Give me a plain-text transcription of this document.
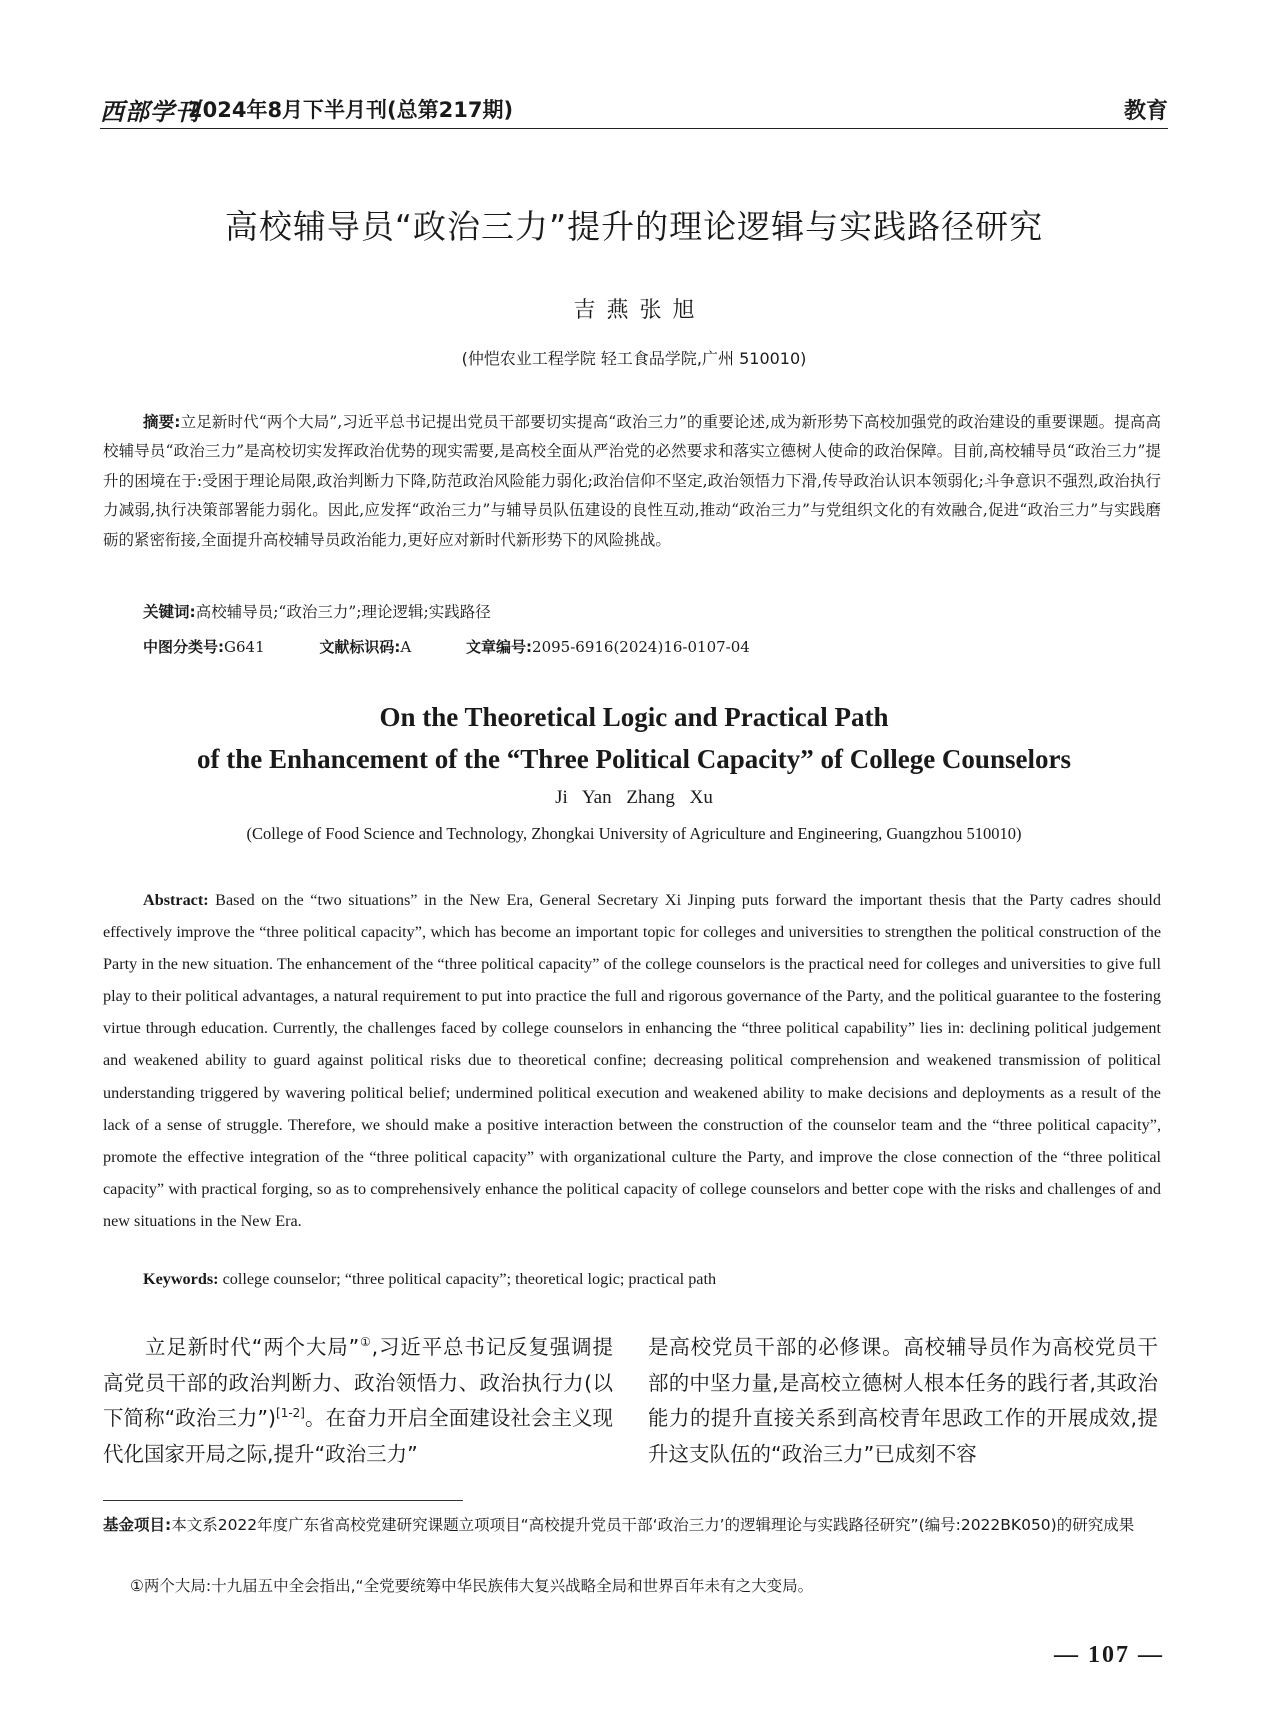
西部学刊
2024年8月下半月刊(总第217期)	教育
高校辅导员“政治三力”提升的理论逻辑与实践路径研究
吉 燕 张 旭
(仲恺农业工程学院 轻工食品学院,广州 510010)
摘要:立足新时代“两个大局”,习近平总书记提出党员干部要切实提高“政治三力”的重要论述,成为新形势下高校加强党的政治建设的重要课题。提高高校辅导员“政治三力”是高校切实发挥政治优势的现实需要,是高校全面从严治党的必然要求和落实立德树人使命的政治保障。目前,高校辅导员“政治三力”提升的困境在于:受困于理论局限,政治判断力下降,防范政治风险能力弱化;政治信仰不坚定,政治领悟力下滑,传导政治认识本领弱化;斗争意识不强烈,政治执行力减弱,执行决策部署能力弱化。因此,应发挥“政治三力”与辅导员队伍建设的良性互动,推动“政治三力”与党组织文化的有效融合,促进“政治三力”与实践磨砺的紧密衔接,全面提升高校辅导员政治能力,更好应对新时代新形势下的风险挑战。
关键词:高校辅导员;“政治三力”;理论逻辑;实践路径
中图分类号:G641	文献标识码:A	文章编号:2095-6916(2024)16-0107-04
On the Theoretical Logic and Practical Path
of the Enhancement of the “Three Political Capacity” of College Counselors
Ji Yan Zhang Xu
(College of Food Science and Technology, Zhongkai University of Agriculture and Engineering, Guangzhou 510010)
Abstract: Based on the “two situations” in the New Era, General Secretary Xi Jinping puts forward the important thesis that the Party cadres should effectively improve the “three political capacity”, which has become an important topic for colleges and universities to strengthen the political construction of the Party in the new situation. The enhancement of the “three political capacity” of the college counselors is the practical need for colleges and universities to give full play to their political advantages, a natural requirement to put into practice the full and rigorous governance of the Party, and the political guarantee to the fostering virtue through education. Currently, the challenges faced by college counselors in enhancing the “three political capability” lies in: declining political judgement and weakened ability to guard against political risks due to theoretical confine; decreasing political comprehension and weakened transmission of political understanding triggered by wavering political belief; undermined political execution and weakened ability to make decisions and deployments as a result of the lack of a sense of struggle. Therefore, we should make a positive interaction between the construction of the counselor team and the “three political capacity”, promote the effective integration of the “three political capacity” with organizational culture the Party, and improve the close connection of the “three political capacity” with practical forging, so as to comprehensively enhance the political capacity of college counselors and better cope with the risks and challenges of and new situations in the New Era.
Keywords: college counselor; “three political capacity”; theoretical logic; practical path
立足新时代“两个大局”①,习近平总书记反复强调提高党员干部的政治判断力、政治领悟力、政治执行力(以下简称“政治三力”)[1-2]。在奋力开启全面建设社会主义现代化国家开局之际,提升“政治三力”
是高校党员干部的必修课。高校辅导员作为高校党员干部的中坚力量,是高校立德树人根本任务的践行者,其政治能力的提升直接关系到高校青年思政工作的开展成效,提升这支队伍的“政治三力”已成刻不容
基金项目:本文系2022年度广东省高校党建研究课题立项项目“高校提升党员干部‘政治三力’的逻辑理论与实践路径研究”(编号:2022BK050)的研究成果
①两个大局:十九届五中全会指出,“全党要统筹中华民族伟大复兴战略全局和世界百年未有之大变局。
— 107 —
